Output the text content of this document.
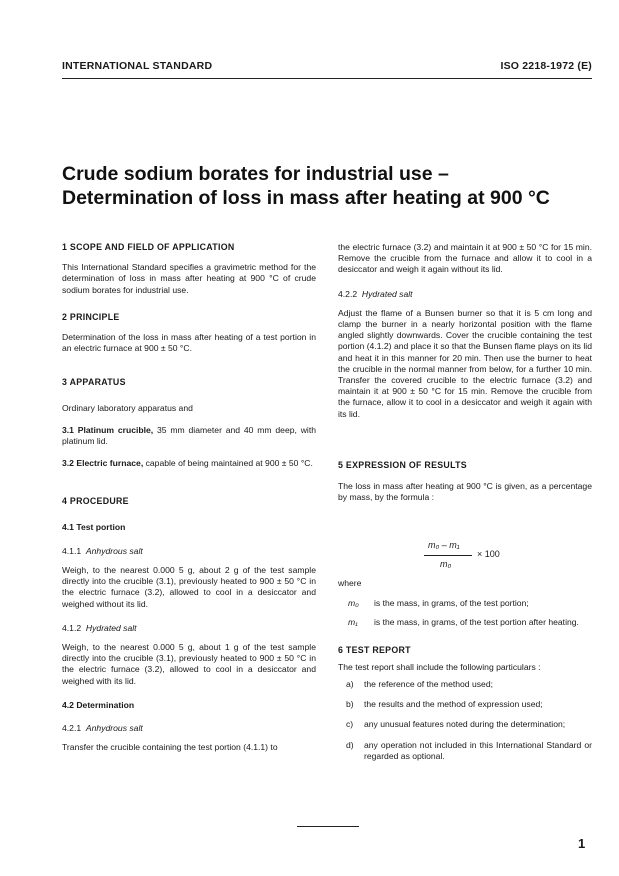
INTERNATIONAL STANDARD	ISO 2218-1972 (E)
Crude sodium borates for industrial use –
Determination of loss in mass after heating at 900 °C

1 SCOPE AND FIELD OF APPLICATION

This International Standard specifies a gravimetric method for the determination of loss in mass after heating at 900 °C of crude sodium borates for industrial use.

2 PRINCIPLE

Determination of the loss in mass after heating of a test portion in an electric furnace at 900 ± 50 °C.

3 APPARATUS

Ordinary laboratory apparatus and

3.1 Platinum crucible, 35 mm diameter and 40 mm deep, with platinum lid.

3.2 Electric furnace, capable of being maintained at 900 ± 50 °C.

4 PROCEDURE

4.1 Test portion

4.1.1 Anhydrous salt

Weigh, to the nearest 0.000 5 g, about 2 g of the test sample directly into the crucible (3.1), previously heated to 900 ± 50 °C in the electric furnace (3.2), allowed to cool in a desiccator and weighed without its lid.

4.1.2 Hydrated salt

Weigh, to the nearest 0.000 5 g, about 1 g of the test sample directly into the crucible (3.1), previously heated to 900 ± 50 °C in the electric furnace (3.2), allowed to cool in a desiccator and weighed with its lid.

4.2 Determination

4.2.1 Anhydrous salt

Transfer the crucible containing the test portion (4.1.1) to

the electric furnace (3.2) and maintain it at 900 ± 50 °C for 15 min. Remove the crucible from the furnace and allow it to cool in a desiccator and weigh it again without its lid.

4.2.2 Hydrated salt

Adjust the flame of a Bunsen burner so that it is 5 cm long and clamp the burner in a nearly horizontal position with the flame angled slightly downwards. Cover the crucible containing the test portion (4.1.2) and place it so that the Bunsen flame plays on its lid and heat it in this manner for 20 min. Then use the burner to heat the crucible in the normal manner from below, for a further 10 min. Transfer the covered crucible to the electric furnace (3.2) and maintain it at 900 ± 50 °C for 15 min. Remove the crucible from the furnace, allow it to cool in a desiccator and weigh it again with its lid.

5 EXPRESSION OF RESULTS

The loss in mass after heating at 900 °C is given, as a percentage by mass, by the formula :

m₀ – m₁
× 100
m₀

where

m₀	is the mass, in grams, of the test portion;
m₁	is the mass, in grams, of the test portion after heating.

6 TEST REPORT

The test report shall include the following particulars :

a)	the reference of the method used;
b)	the results and the method of expression used;
c)	any unusual features noted during the determination;
d)	any operation not included in this International Standard or regarded as optional.
1
